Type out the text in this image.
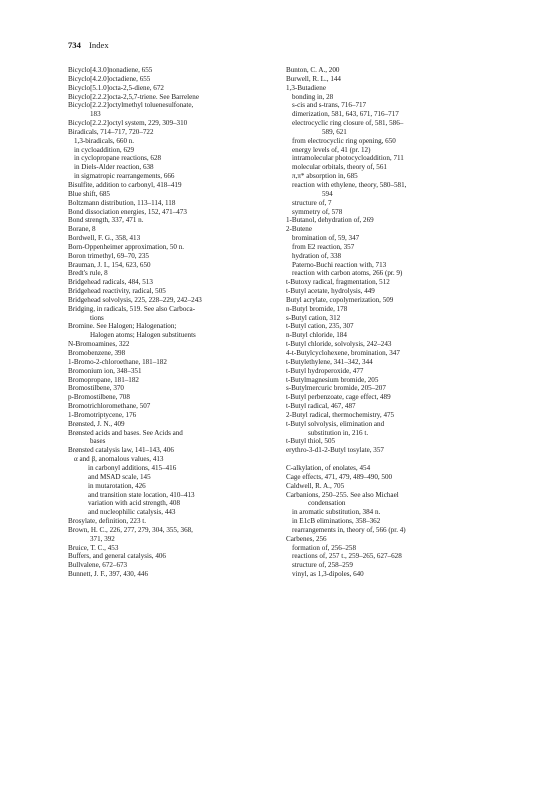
734 Index
Bicyclo[4.3.0]nonadiene, 655
Bicyclo[4.2.0]octadiene, 655
Bicyclo[5.1.0]octa-2,5-diene, 672
Bicyclo[2.2.2]octa-2,5,7-triene. See Barrelene
Bicyclo[2.2.2]octylmethyl toluenesulfonate,
183
Bicyclo[2.2.2]octyl system, 229, 309–310
Biradicals, 714–717, 720–722
1,3-biradicals, 660 n.
in cycloaddition, 629
in cyclopropane reactions, 628
in Diels-Alder reaction, 638
in sigmatropic rearrangements, 666
Bisulfite, addition to carbonyl, 418–419
Blue shift, 685
Boltzmann distribution, 113–114, 118
Bond dissociation energies, 152, 471–473
Bond strength, 337, 471 n.
Borane, 8
Bordwell, F. G., 358, 413
Born-Oppenheimer approximation, 50 n.
Boron trimethyl, 69–70, 235
Brauman, J. I., 154, 623, 650
Bredt's rule, 8
Bridgehead radicals, 484, 513
Bridgehead reactivity, radical, 505
Bridgehead solvolysis, 225, 228–229, 242–243
Bridging, in radicals, 519. See also Carboca-
tions
Bromine. See Halogen; Halogenation;
Halogen atoms; Halogen substituents
N-Bromoamines, 322
Bromobenzene, 398
1-Bromo-2-chloroethane, 181–182
Bromonium ion, 348–351
Bromopropane, 181–182
Bromostilbene, 370
p-Bromostilbene, 708
Bromotrichloromethane, 507
1-Bromotriptycene, 176
Brønsted, J. N., 409
Brønsted acids and bases. See Acids and
bases
Brønsted catalysis law, 141–143, 406
α and β, anomalous values, 413
in carbonyl additions, 415–416
and MSAD scale, 145
in mutarotation, 426
and transition state location, 410–413
variation with acid strength, 408
and nucleophilic catalysis, 443
Brosylate, definition, 223 t.
Brown, H. C., 226, 277, 279, 304, 355, 368,
371, 392
Bruice, T. C., 453
Buffers, and general catalysis, 406
Bullvalene, 672–673
Bunnett, J. F., 397, 430, 446
Bunton, C. A., 200
Burwell, R. L., 144
1,3-Butadiene
bonding in, 28
s-cis and s-trans, 716–717
dimerization, 581, 643, 671, 716–717
electrocyclic ring closure of, 581, 586–
589, 621
from electrocyclic ring opening, 650
energy levels of, 41 (pr. 12)
intramolecular photocycloaddition, 711
molecular orbitals, theory of, 561
π,π* absorption in, 685
reaction with ethylene, theory, 580–581,
594
structure of, 7
symmetry of, 578
1-Butanol, dehydration of, 269
2-Butene
bromination of, 59, 347
from E2 reaction, 357
hydration of, 338
Paterno-Buchi reaction with, 713
reaction with carbon atoms, 266 (pr. 9)
t-Butoxy radical, fragmentation, 512
t-Butyl acetate, hydrolysis, 449
Butyl acrylate, copolymerization, 509
n-Butyl bromide, 178
s-Butyl cation, 312
t-Butyl cation, 235, 307
n-Butyl chloride, 184
t-Butyl chloride, solvolysis, 242–243
4-t-Butylcyclohexene, bromination, 347
t-Butylethylene, 341–342, 344
t-Butyl hydroperoxide, 477
t-Butylmagnesium bromide, 205
s-Butylmercuric bromide, 205–207
t-Butyl perbenzoate, cage effect, 489
t-Butyl radical, 467, 487
2-Butyl radical, thermochemistry, 475
t-Butyl solvolysis, elimination and
substitution in, 216 t.
t-Butyl thiol, 505
erythro-3-d1-2-Butyl tosylate, 357
C-alkylation, of enolates, 454
Cage effects, 471, 479, 489–490, 500
Caldwell, R. A., 705
Carbanions, 250–255. See also Michael
condensation
in aromatic substitution, 384 n.
in E1cB eliminations, 358–362
rearrangements in, theory of, 566 (pr. 4)
Carbenes, 256
formation of, 256–258
reactions of, 257 t., 259–265, 627–628
structure of, 258–259
vinyl, as 1,3-dipoles, 640
